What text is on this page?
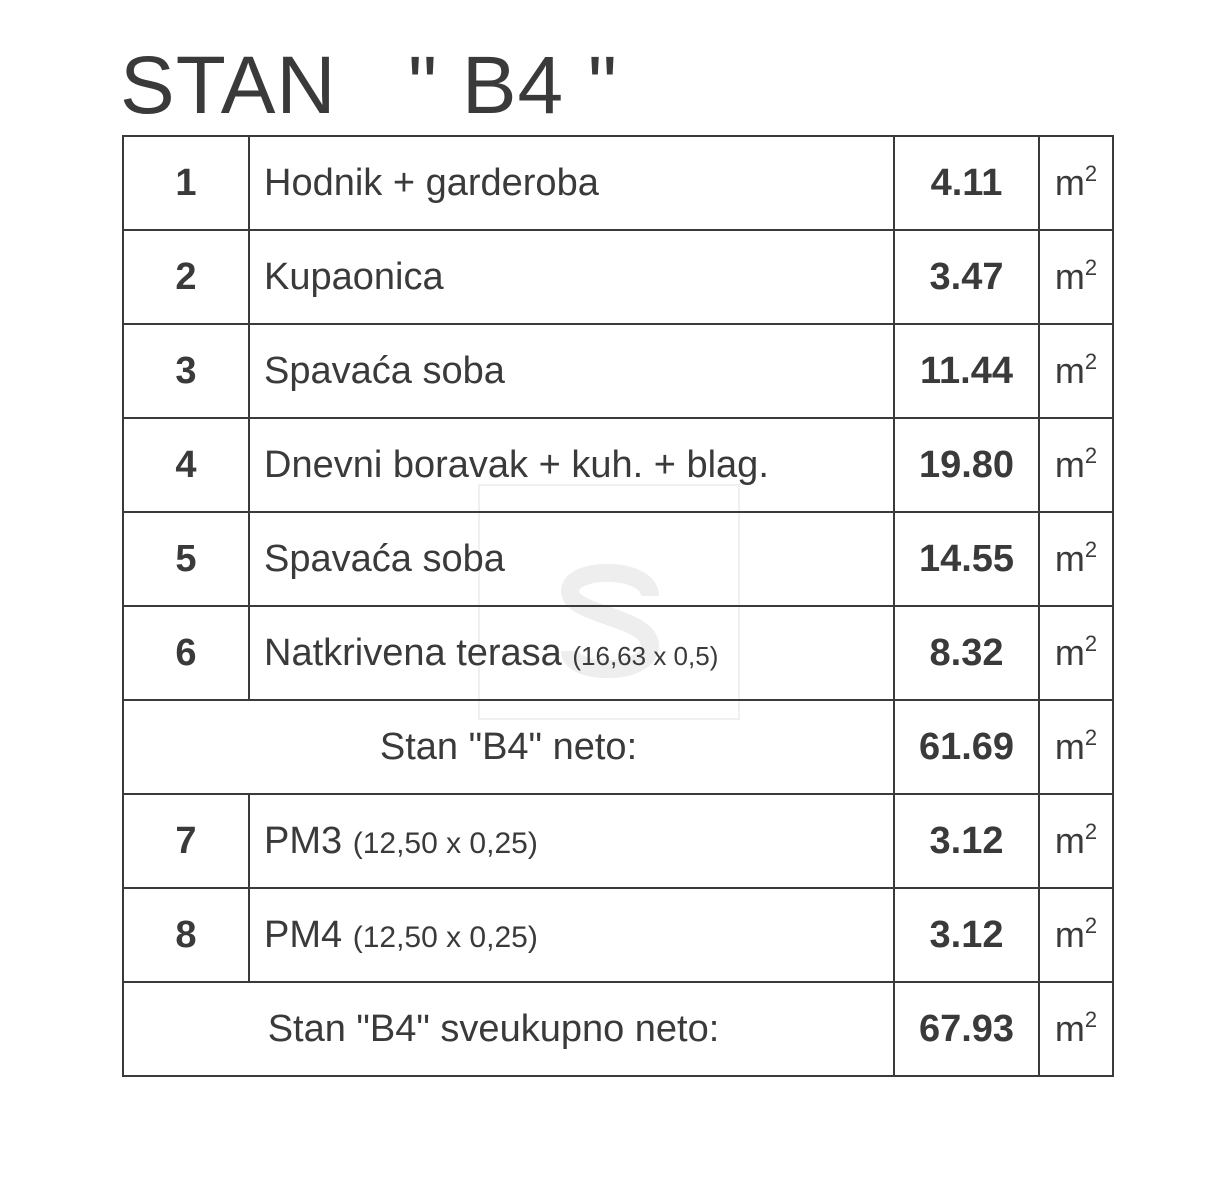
STAN   " B4 "
1	Hodnik + garderoba	4.11	$m^2$
2	Kupaonica	3.47	$m^2$
3	Spavaća soba	11.44	$m^2$
4	Dnevni boravak + kuh. + blag.	19.80	$m^2$
5	Spavaća soba	14.55	$m^2$
6	Natkrivena terasa (16,63 x 0,5)	8.32	$m^2$
Stan "B4" neto:		61.69	$m^2$
7	PM3 (12,50 x 0,25)	3.12	$m^2$
8	PM4 (12,50 x 0,25)	3.12	$m^2$
Stan "B4" sveukupno neto:		67.93	$m^2$
